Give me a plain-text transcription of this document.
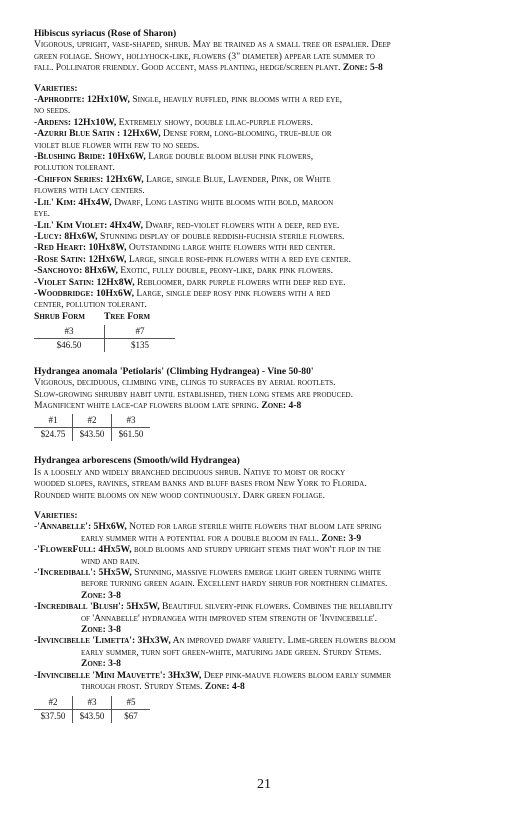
Hibiscus syriacus (Rose of Sharon)
Vigorous, upright, vase-shaped, shrub. May be trained as a small tree or espalier. Deep
green foliage. Showy, hollyhock-like, flowers (3" diameter) appear late summer to
fall. Pollinator friendly. Good accent, mass planting, hedge/screen plant. Zone: 5-8
Varieties:
-Aphrodite: 12Hx10W, Single, heavily ruffled, pink blooms with a red eye,
no seeds.
-Ardens: 12Hx10W, Extremely showy, double lilac-purple flowers.
-Azurri Blue Satin : 12Hx6W, Dense form, long-blooming, true-blue or
violet blue flower with few to no seeds.
-Blushing Bride: 10Hx6W, Large double bloom blush pink flowers,
pollution tolerant.
-Chiffon Series: 12Hx6W, Large, single Blue, Lavender, Pink, or White
flowers with lacy centers.
-Lil' Kim: 4Hx4W, Dwarf, Long lasting white blooms with bold, maroon
eye.
-Lil' Kim Violet: 4Hx4W, Dwarf, red-violet flowers with a deep, red eye.
-Lucy: 8Hx6W, Stunning display of double reddish-fuchsia sterile flowers.
-Red Heart: 10Hx8W, Outstanding large white flowers with red center.
-Rose Satin: 12Hx6W, Large, single rose-pink flowers with a red eye center.
-Sanchoyo: 8Hx6W, Exotic, fully double, peony-like, dark pink flowers.
-Violet Satin: 12Hx8W, Rebloomer, dark purple flowers with deep red eye.
-Woodbridge: 10Hx6W, Large, single deep rosy pink flowers with a red
center, pollution tolerant.
Shrub Form Tree Form
#3	#7
$46.50	$135
Hydrangea anomala 'Petiolaris' (Climbing Hydrangea) - Vine 50-80'
Vigorous, deciduous, climbing vine, clings to surfaces by aerial rootlets.
Slow-growing shrubby habit until established, then long stems are produced.
Magnificent white lace-cap flowers bloom late spring. Zone: 4-8
#1	#2	#3
$24.75	$43.50	$61.50
Hydrangea arborescens (Smooth/wild Hydrangea)
Is a loosely and widely branched deciduous shrub. Native to moist or rocky
wooded slopes, ravines, stream banks and bluff bases from New York to Florida.
Rounded white blooms on new wood continuously. Dark green foliage.
Varieties:
-'Annabelle': 5Hx6W, Noted for large sterile white flowers that bloom late spring
early summer with a potential for a double bloom in fall. Zone: 3-9
-'FlowerFull: 4Hx5W, bold blooms and sturdy upright stems that won't flop in the
wind and rain.
-'Incrediball': 5Hx5W, Stunning, massive flowers emerge light green turning white
before turning green again. Excellent hardy shrub for northern climates.
Zone: 3-8
-Incrediball 'Blush': 5Hx5W, Beautiful silvery-pink flowers. Combines the reliability
of 'Annabelle' hydrangea with improved stem strength of 'Invincebelle'.
Zone: 3-8
-Invincibelle 'Limetta': 3Hx3W, An improved dwarf variety. Lime-green flowers bloom
early summer, turn soft green-white, maturing jade green. Sturdy Stems.
Zone: 3-8
-Invincibelle 'Mini Mauvette': 3Hx3W, Deep pink-mauve flowers bloom early summer
through frost. Sturdy Stems. Zone: 4-8
#2	#3	#5
$37.50	$43.50	$67
21
